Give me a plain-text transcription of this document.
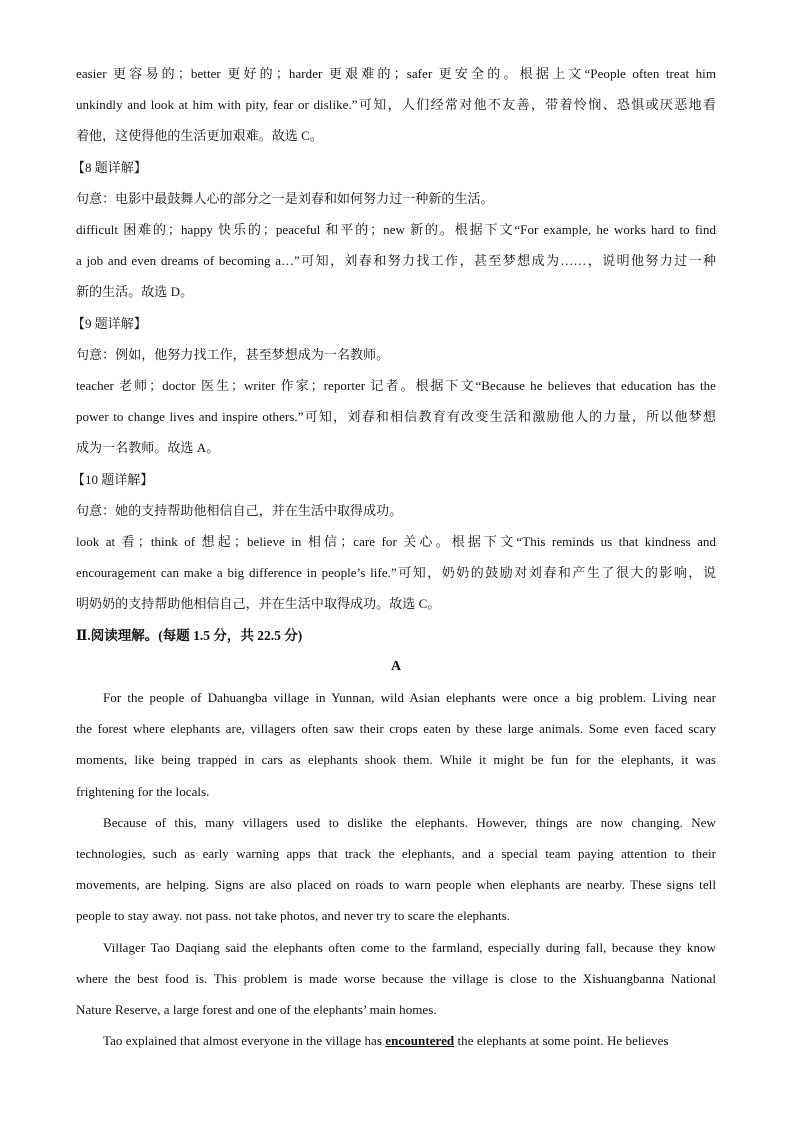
easier 更容易的；better 更好的；harder 更艰难的；safer 更安全的。根据上文“People often treat him
unkindly and look at him with pity, fear or dislike.”可知，人们经常对他不友善，带着怜悯、恐惧或厌恶地看
着他，这使得他的生活更加艰难。故选 C。
【8 题详解】
句意：电影中最鼓舞人心的部分之一是刘春和如何努力过一种新的生活。
difficult 困难的；happy 快乐的；peaceful 和平的；new 新的。根据下文“For example, he works hard to find
a job and even dreams of becoming a…”可知，刘春和努力找工作，甚至梦想成为……，说明他努力过一种
新的生活。故选 D。
【9 题详解】
句意：例如，他努力找工作，甚至梦想成为一名教师。
teacher 老师；doctor 医生；writer 作家；reporter 记者。根据下文“Because he believes that education has the
power to change lives and inspire others.”可知，刘春和相信教育有改变生活和激励他人的力量，所以他梦想
成为一名教师。故选 A。
【10 题详解】
句意：她的支持帮助他相信自己，并在生活中取得成功。
look at 看；think of 想起；believe in 相信；care for 关心。根据下文“This reminds us that kindness and
encouragement can make a big difference in people’s life.”可知，奶奶的鼓励对刘春和产生了很大的影响，说
明奶奶的支持帮助他相信自己，并在生活中取得成功。故选 C。
Ⅱ.阅读理解。(每题 1.5 分，共 22.5 分)
A
For the people of Dahuangba village in Yunnan, wild Asian elephants were once a big problem. Living near
the forest where elephants are, villagers often saw their crops eaten by these large animals. Some even faced scary
moments, like being trapped in cars as elephants shook them. While it might be fun for the elephants, it was
frightening for the locals.
Because of this, many villagers used to dislike the elephants. However, things are now changing. New
technologies, such as early warning apps that track the elephants, and a special team paying attention to their
movements, are helping. Signs are also placed on roads to warn people when elephants are nearby. These signs tell
people to stay away. not pass. not take photos, and never try to scare the elephants.
Villager Tao Daqiang said the elephants often come to the farmland, especially during fall, because they know
where the best food is. This problem is made worse because the village is close to the Xishuangbanna National
Nature Reserve, a large forest and one of the elephants’ main homes.
Tao explained that almost everyone in the village has encountered the elephants at some point. He believes
